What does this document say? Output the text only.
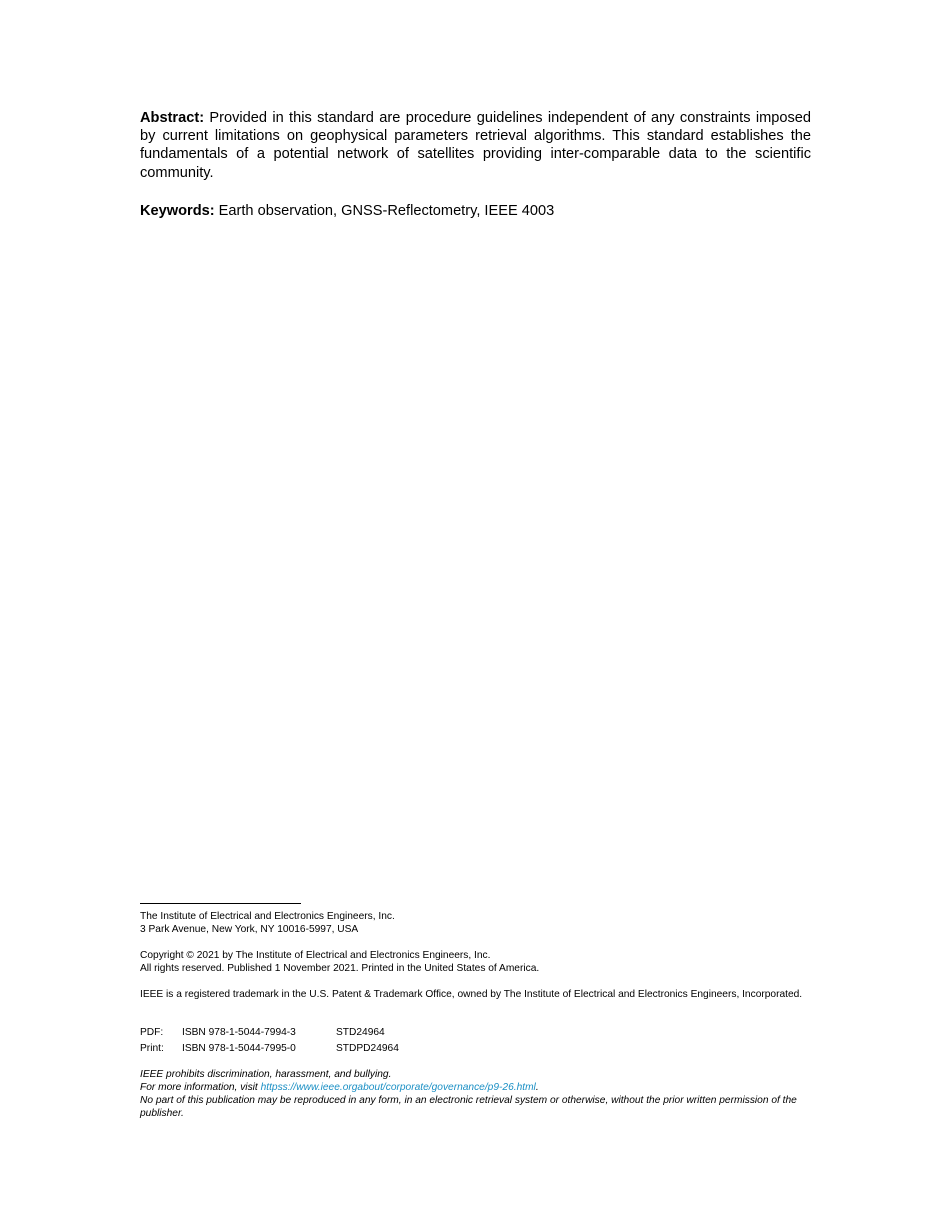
Abstract: Provided in this standard are procedure guidelines independent of any constraints imposed by current limitations on geophysical parameters retrieval algorithms. This standard establishes the fundamentals of a potential network of satellites providing inter-comparable data to the scientific community.

Keywords: Earth observation, GNSS-Reflectometry, IEEE 4003

The Institute of Electrical and Electronics Engineers, Inc.
3 Park Avenue, New York, NY 10016-5997, USA

Copyright © 2021 by The Institute of Electrical and Electronics Engineers, Inc.
All rights reserved. Published 1 November 2021. Printed in the United States of America.

IEEE is a registered trademark in the U.S. Patent & Trademark Office, owned by The Institute of Electrical and Electronics Engineers, Incorporated.

PDF: ISBN 978-1-5044-7994-3	STD24964
Print: ISBN 978-1-5044-7995-0	STDPD24964

IEEE prohibits discrimination, harassment, and bullying.
For more information, visit httpss://www.ieee.orgabout/corporate/governance/p9-26.html.
No part of this publication may be reproduced in any form, in an electronic retrieval system or otherwise, without the prior written permission of the publisher.
